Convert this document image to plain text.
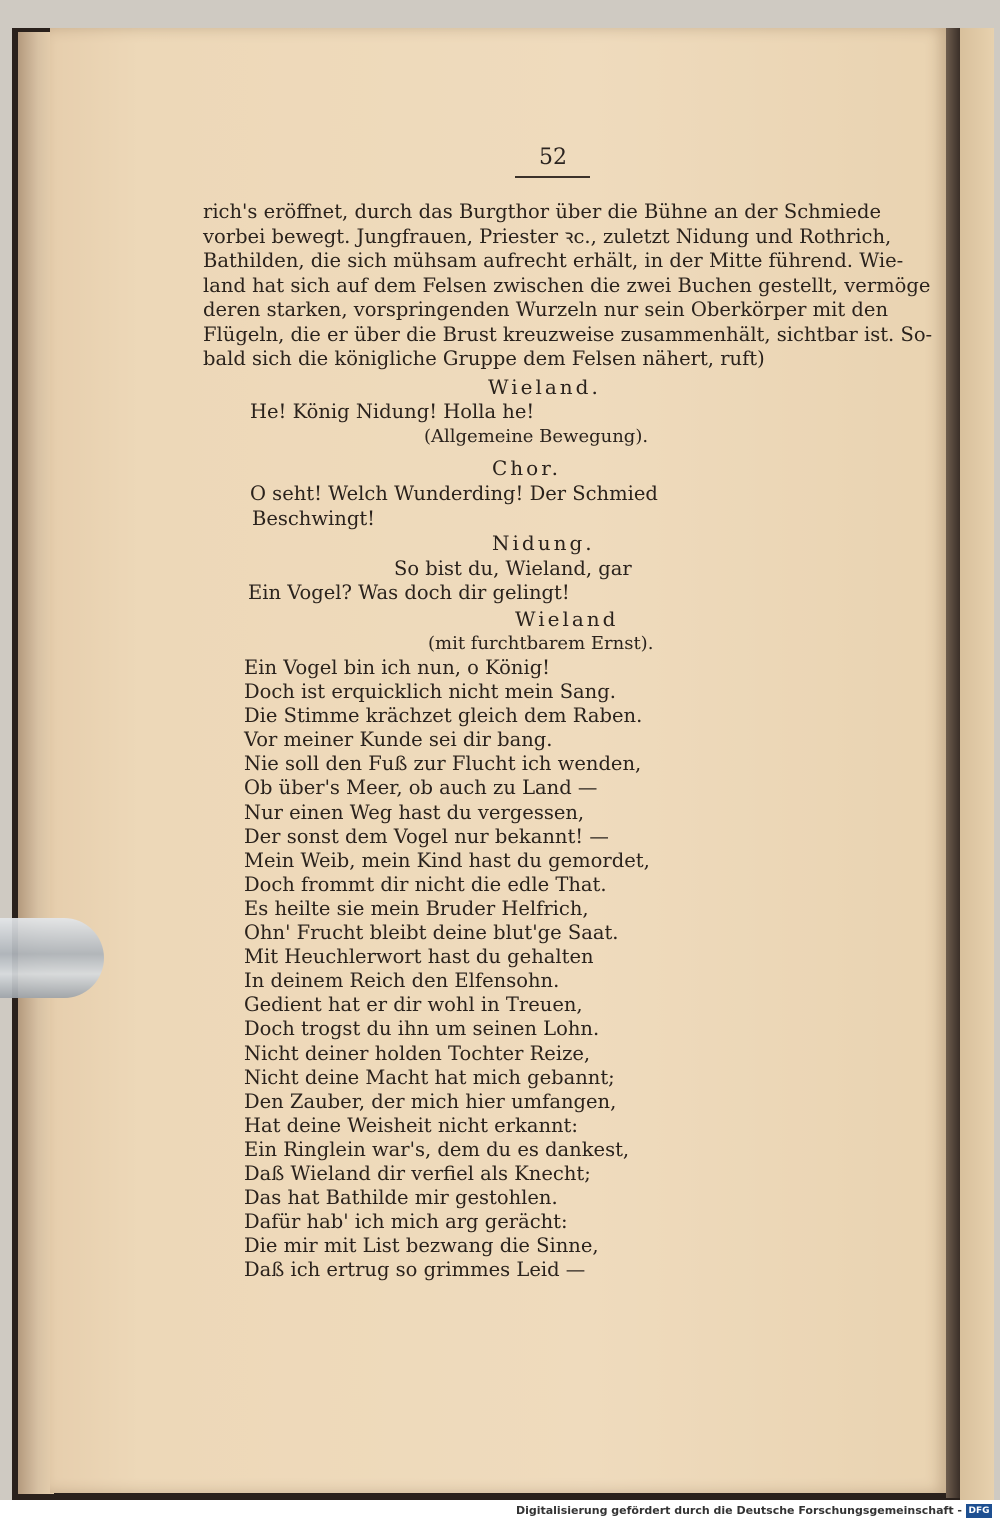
52
rich's eröffnet, durch das Burgthor über die Bühne an der Schmiede
vorbei bewegt. Jungfrauen, Priester ꝛc., zuletzt Nidung und Rothrich,
Bathilden, die sich mühsam aufrecht erhält, in der Mitte führend. Wie-
land hat sich auf dem Felsen zwischen die zwei Buchen gestellt, vermöge
deren starken, vorspringenden Wurzeln nur sein Oberkörper mit den
Flügeln, die er über die Brust kreuzweise zusammenhält, sichtbar ist. So-
bald sich die königliche Gruppe dem Felsen nähert, ruft)
Wieland.
He! König Nidung! Holla he!
(Allgemeine Bewegung).
Chor.
O seht! Welch Wunderding! Der Schmied
Beschwingt!
Nidung.
So bist du, Wieland, gar
Ein Vogel? Was doch dir gelingt!
Wieland
(mit furchtbarem Ernst).
Ein Vogel bin ich nun, o König!
Doch ist erquicklich nicht mein Sang.
Die Stimme krächzet gleich dem Raben.
Vor meiner Kunde sei dir bang.
Nie soll den Fuß zur Flucht ich wenden,
Ob über's Meer, ob auch zu Land —
Nur einen Weg hast du vergessen,
Der sonst dem Vogel nur bekannt! —
Mein Weib, mein Kind hast du gemordet,
Doch frommt dir nicht die edle That.
Es heilte sie mein Bruder Helfrich,
Ohn' Frucht bleibt deine blut'ge Saat.
Mit Heuchlerwort hast du gehalten
In deinem Reich den Elfensohn.
Gedient hat er dir wohl in Treuen,
Doch trogst du ihn um seinen Lohn.
Nicht deiner holden Tochter Reize,
Nicht deine Macht hat mich gebannt;
Den Zauber, der mich hier umfangen,
Hat deine Weisheit nicht erkannt:
Ein Ringlein war's, dem du es dankest,
Daß Wieland dir verfiel als Knecht;
Das hat Bathilde mir gestohlen.
Dafür hab' ich mich arg gerächt:
Die mir mit List bezwang die Sinne,
Daß ich ertrug so grimmes Leid —
Digitalisierung gefördert durch die Deutsche Forschungsgemeinschaft - DFG
